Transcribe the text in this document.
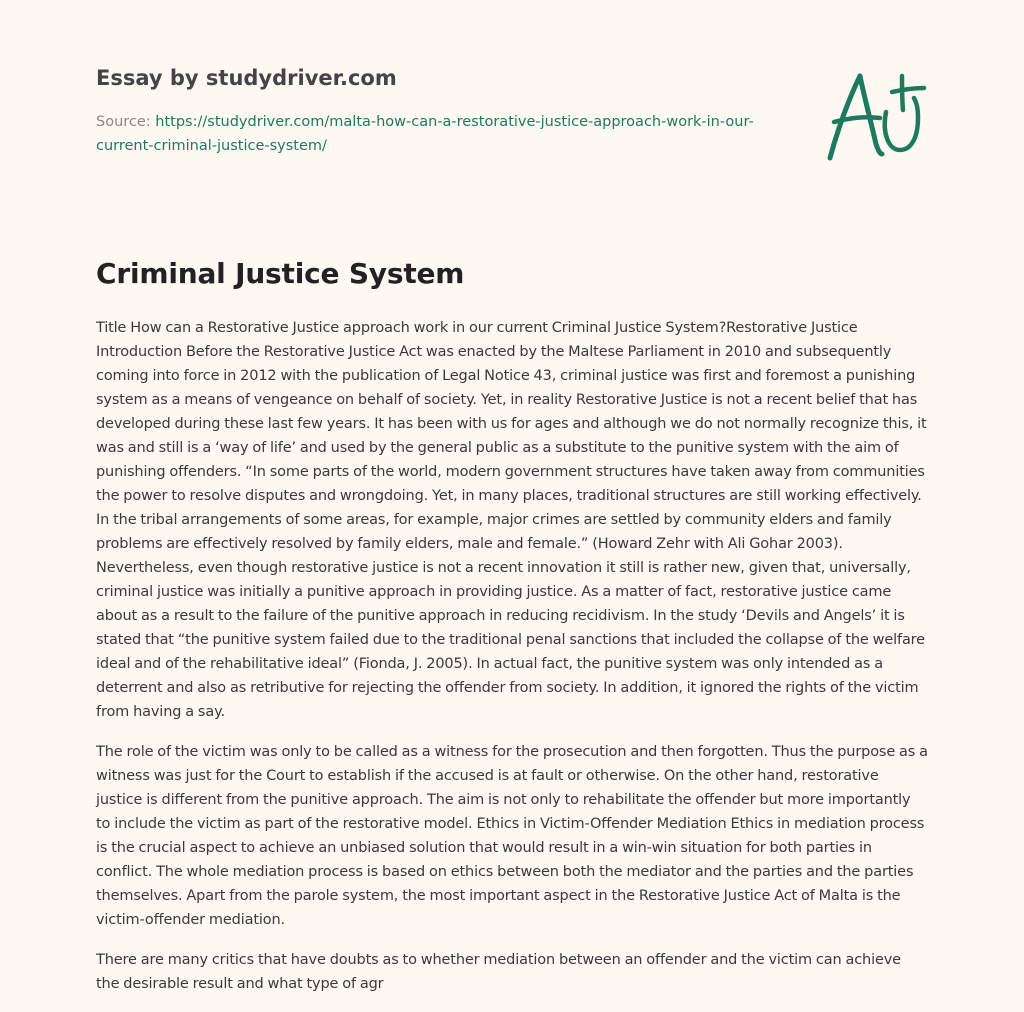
Essay by studydriver.com
Source: https://studydriver.com/malta-how-can-a-restorative-justice-approach-work-in-our-current-criminal-justice-system/
Criminal Justice System

Title How can a Restorative Justice approach work in our current Criminal Justice System?Restorative Justice Introduction Before the Restorative Justice Act was enacted by the Maltese Parliament in 2010 and subsequently coming into force in 2012 with the publication of Legal Notice 43, criminal justice was first and foremost a punishing system as a means of vengeance on behalf of society. Yet, in reality Restorative Justice is not a recent belief that has developed during these last few years. It has been with us for ages and although we do not normally recognize this, it was and still is a ‘way of life’ and used by the general public as a substitute to the punitive system with the aim of punishing offenders. “In some parts of the world, modern government structures have taken away from communities the power to resolve disputes and wrongdoing. Yet, in many places, traditional structures are still working effectively. In the tribal arrangements of some areas, for example, major crimes are settled by community elders and family problems are effectively resolved by family elders, male and female.” (Howard Zehr with Ali Gohar 2003). Nevertheless, even though restorative justice is not a recent innovation it still is rather new, given that, universally, criminal justice was initially a punitive approach in providing justice. As a matter of fact, restorative justice came about as a result to the failure of the punitive approach in reducing recidivism. In the study ‘Devils and Angels’ it is stated that “the punitive system failed due to the traditional penal sanctions that included the collapse of the welfare ideal and of the rehabilitative ideal” (Fionda, J. 2005). In actual fact, the punitive system was only intended as a deterrent and also as retributive for rejecting the offender from society. In addition, it ignored the rights of the victim from having a say.

The role of the victim was only to be called as a witness for the prosecution and then forgotten. Thus the purpose as a witness was just for the Court to establish if the accused is at fault or otherwise. On the other hand, restorative justice is different from the punitive approach. The aim is not only to rehabilitate the offender but more importantly to include the victim as part of the restorative model. Ethics in Victim-Offender Mediation Ethics in mediation process is the crucial aspect to achieve an unbiased solution that would result in a win-win situation for both parties in conflict. The whole mediation process is based on ethics between both the mediator and the parties and the parties themselves. Apart from the parole system, the most important aspect in the Restorative Justice Act of Malta is the victim-offender mediation.

There are many critics that have doubts as to whether mediation between an offender and the victim can achieve the desirable result and what type of agr
